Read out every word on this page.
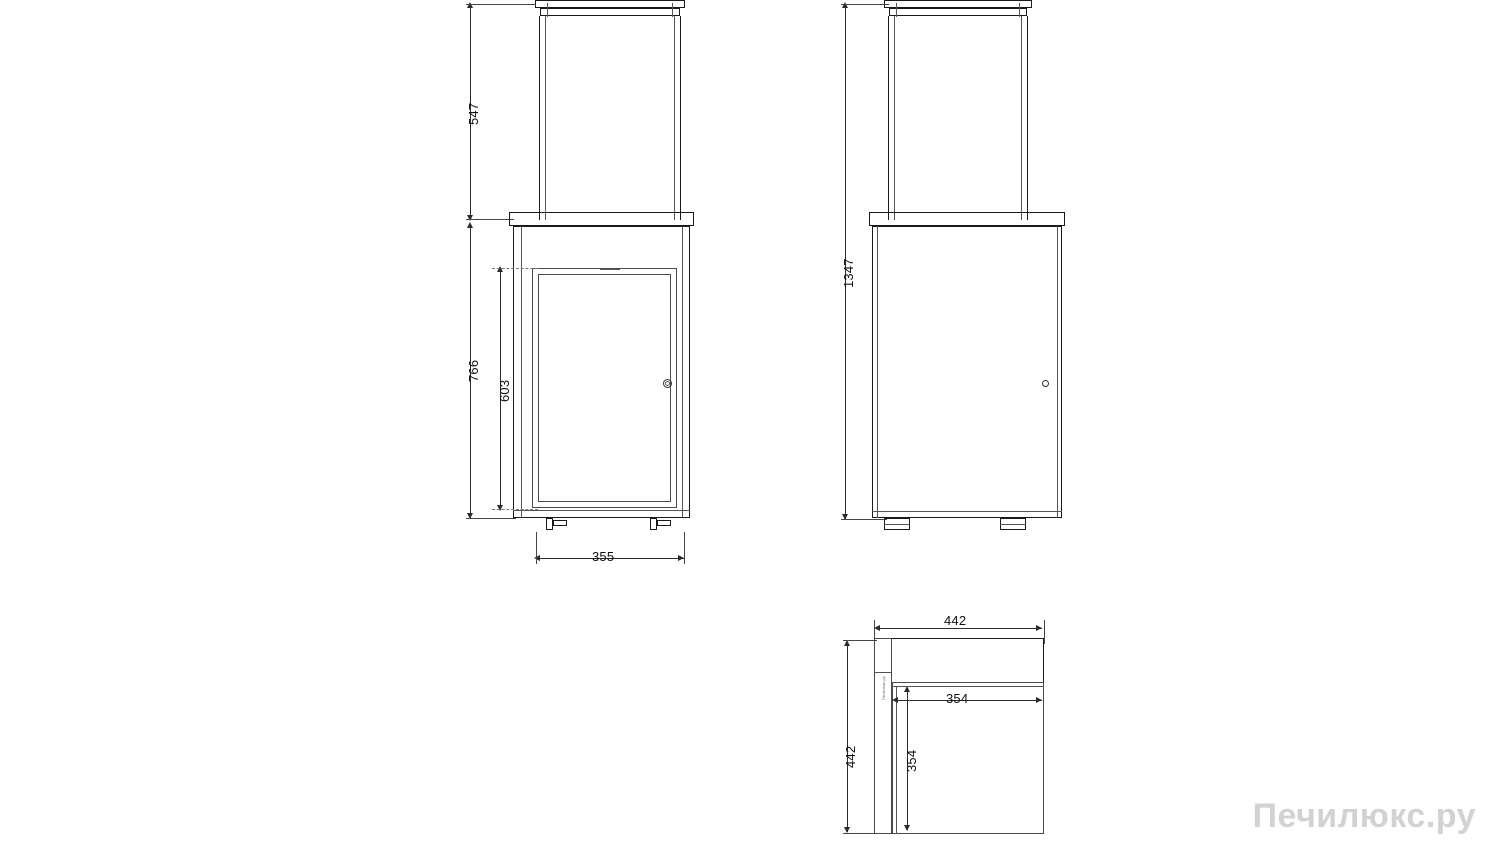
547
766
603
355
1347
Печилюкс.ру
442
442
354
354
Печилюкс.ру
